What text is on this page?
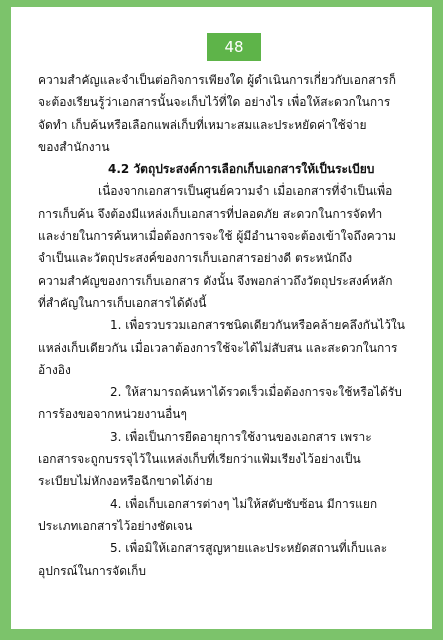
48
ความสำคัญและจำเป็นต่อกิจการเพียงใด ผู้ดำเนินการเกี่ยวกับเอกสารก็
จะต้องเรียนรู้ว่าเอกสารนั้นจะเก็บไว้ที่ใด อย่างไร เพื่อให้สะดวกในการ
จัดทำ เก็บค้นหรือเลือกแพล่เก็บที่เหมาะสมและประหยัดค่าใช้จ่าย
ของสำนักงาน
4.2 วัตถุประสงค์การเลือกเก็บเอกสารให้เป็นระเบียบ
เนื่องจากเอกสารเป็นศูนย์ความจำ เมื่อเอกสารที่จำเป็นเพื่อ
การเก็บค้น จึงต้องมีแหล่งเก็บเอกสารที่ปลอดภัย สะดวกในการจัดทำ
และง่ายในการค้นหาเมื่อต้องการจะใช้ ผู้มีอำนาจจะต้องเข้าใจถึงความ
จำเป็นและวัตถุประสงค์ของการเก็บเอกสารอย่างดี ตระหนักถึง
ความสำคัญของการเก็บเอกสาร ดังนั้น จึงพอกล่าวถึงวัตถุประสงค์หลัก
ที่สำคัญในการเก็บเอกสารได้ดังนี้
1. เพื่อรวบรวมเอกสารชนิดเดียวกันหรือคล้ายคลึงกันไว้ใน
แหล่งเก็บเดียวกัน เมื่อเวลาต้องการใช้จะได้ไม่สับสน และสะดวกในการ
อ้างอิง
2. ให้สามารถค้นหาได้รวดเร็วเมื่อต้องการจะใช้หรือได้รับ
การร้องขอจากหน่วยงานอื่นๆ
3. เพื่อเป็นการยืดอายุการใช้งานของเอกสาร เพราะ
เอกสารจะถูกบรรจุไว้ในแหล่งเก็บที่เรียกว่าแฟ้มเรียงไว้อย่างเป็น
ระเบียบไม่หักงอหรือฉีกขาดได้ง่าย
4. เพื่อเก็บเอกสารต่างๆ ไม่ให้สดับซับซ้อน มีการแยก
ประเภทเอกสารไว้อย่างชัดเจน
5. เพื่อมิให้เอกสารสูญหายและประหยัดสถานที่เก็บและ
อุปกรณ์ในการจัดเก็บ
